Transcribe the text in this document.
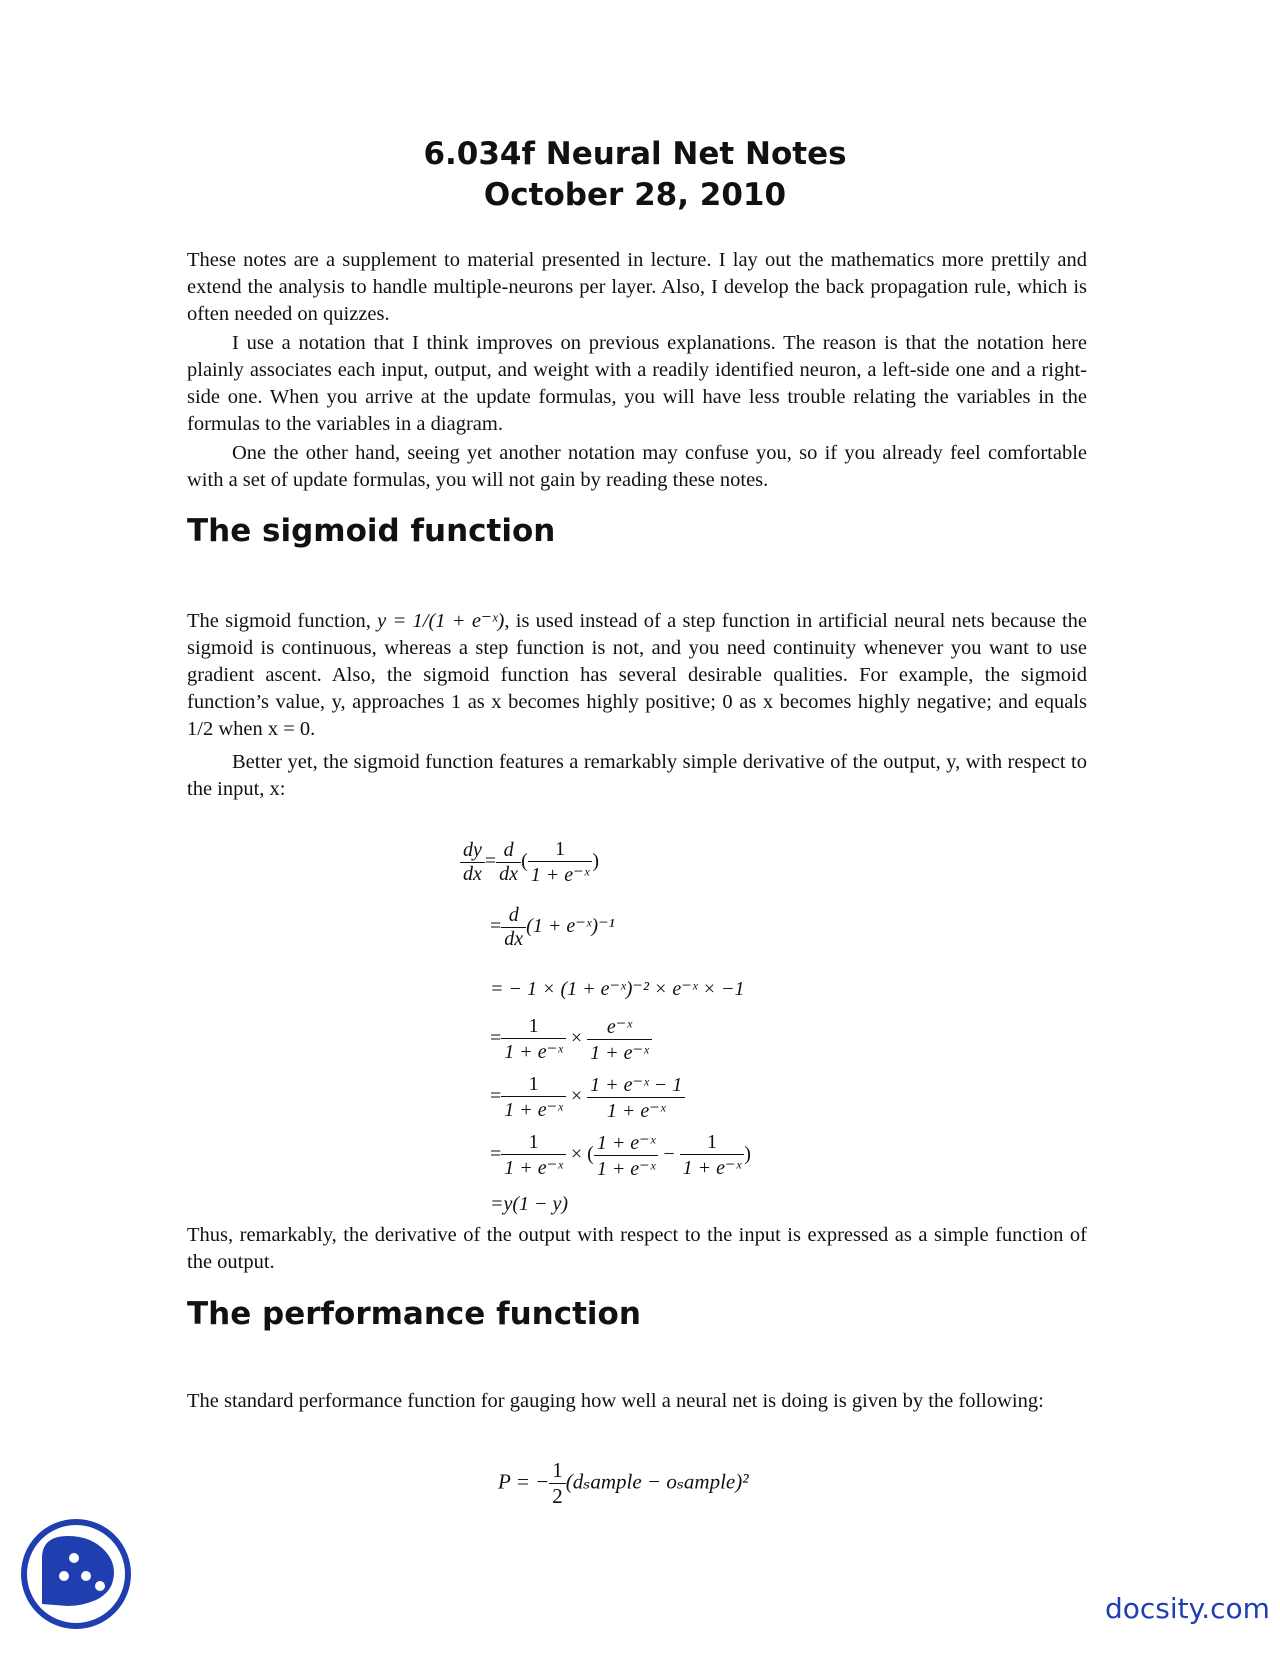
6.034f Neural Net Notes
October 28, 2010

These notes are a supplement to material presented in lecture. I lay out the mathematics more prettily and extend the analysis to handle multiple-neurons per layer. Also, I develop the back propagation rule, which is often needed on quizzes.

I use a notation that I think improves on previous explanations. The reason is that the notation here plainly associates each input, output, and weight with a readily identified neuron, a left-side one and a right-side one. When you arrive at the update formulas, you will have less trouble relating the variables in the formulas to the variables in a diagram.

One the other hand, seeing yet another notation may confuse you, so if you already feel comfortable with a set of update formulas, you will not gain by reading these notes.

The sigmoid function

The sigmoid function, y = 1/(1 + e⁻ˣ), is used instead of a step function in artificial neural nets because the sigmoid is continuous, whereas a step function is not, and you need continuity whenever you want to use gradient ascent. Also, the sigmoid function has several desirable qualities. For example, the sigmoid function’s value, y, approaches 1 as x becomes highly positive; 0 as x becomes highly negative; and equals 1/2 when x = 0.

Better yet, the sigmoid function features a remarkably simple derivative of the output, y, with respect to the input, x:

$\frac{dy}{dx} = \frac{d}{dx}$ ( $\frac{1}{\text{1 + e⁻ˣ}}$ )
= $\frac{d}{dx} (1$ + e⁻ˣ)⁻¹
= − 1 × (1 + e⁻ˣ)⁻² × e⁻ˣ × −1
= $\frac{1}{\text{1 + e⁻ˣ}} \times \frac{\text{e⁻ˣ}}{\text{1 + e⁻ˣ}}$
= $\frac{1}{\text{1 + e⁻ˣ}} \times \frac{\text{1 + e⁻ˣ − 1}}{\text{1 + e⁻ˣ}}$
= $\frac{1}{\text{1 + e⁻ˣ}}$ × ( $\frac{\text{1 + e⁻ˣ}}{\text{1 + e⁻ˣ}} - \frac{1}{\text{1 + e⁻ˣ}}$ )
=y(1 − y)

Thus, remarkably, the derivative of the output with respect to the input is expressed as a simple function of the output.

The performance function

The standard performance function for gauging how well a neural net is doing is given by the following:

P = − $\frac{1}{2}$ (dₛample − oₛample)²
docsity.com
